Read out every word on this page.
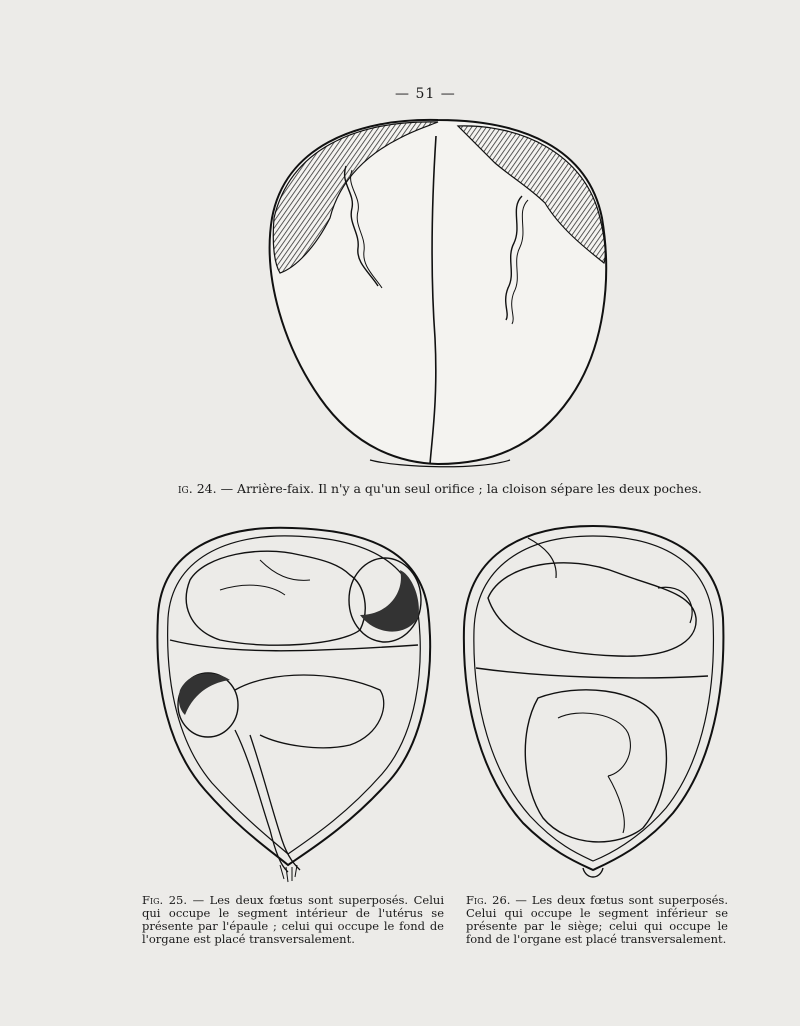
— 51 —
ig. 24. — Arrière-faix. Il n'y a qu'un seul orifice ; la cloison sépare les deux poches.
Fig. 25. — Les deux fœtus sont superposés. Celui qui occupe le segment intérieur de l'utérus se présente par l'épaule ; celui qui occupe le fond de l'organe est placé transversalement.
Fig. 26. — Les deux fœtus sont superposés. Celui qui occupe le segment inférieur se présente par le siège; celui qui occupe le fond de l'organe est placé transversalement.
